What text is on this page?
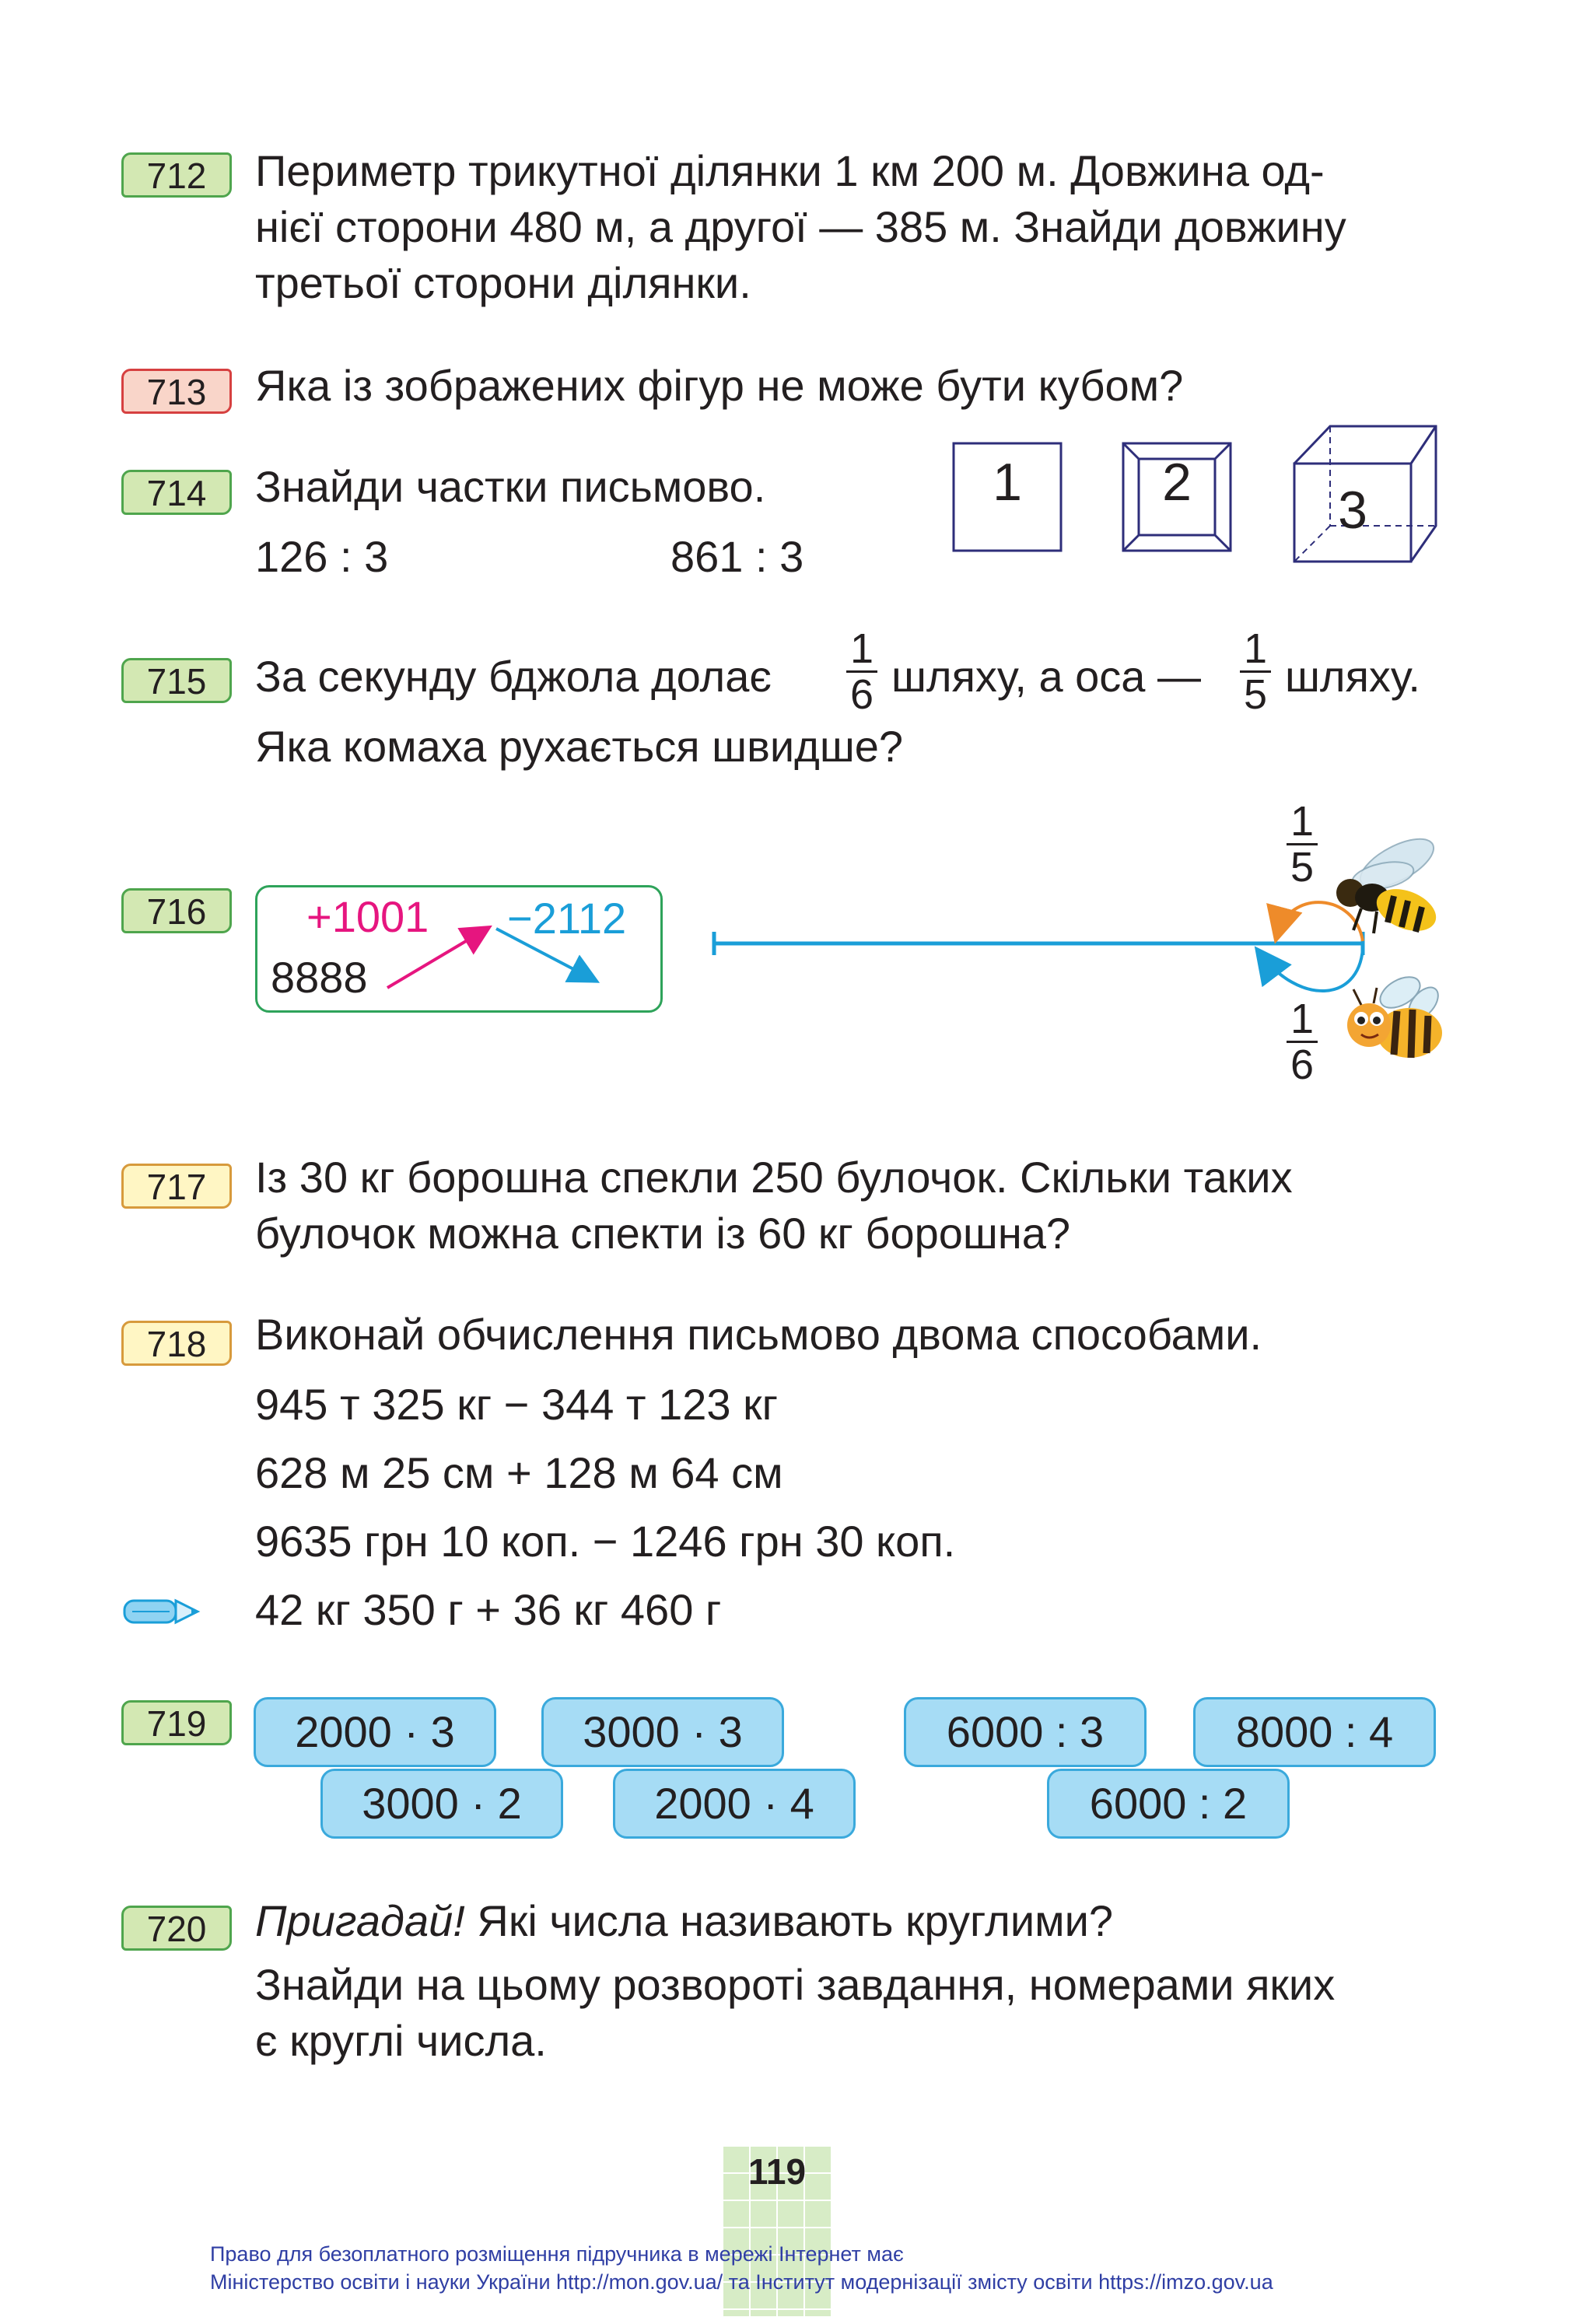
712	Периметр трикутної ділянки 1 км 200 м. Довжина од-
нієї сторони 480 м, а другої — 385 м. Знайди довжину
третьої сторони ділянки.
713	Яка із зображених фігур не може бути кубом?
1	2	3
714	Знайди частки письмово.
126 : 3	861 : 3
715	За секунду бджола долає
1
6 шляху, а оса —
1
5 шляху.
Яка комаха рухається швидше?
716	+1001 −2112
8888
1
5
1
6
717	Із 30 кг борошна спекли 250 булочок. Скільки таких
булочок можна спекти із 60 кг борошна?
718	Виконай обчислення письмово двома способами.
945 т 325 кг − 344 т 123 кг
628 м 25 см + 128 м 64 см
9635 грн 10 коп. − 1246 грн 30 коп.
42 кг 350 г + 36 кг 460 г
719	2000 · 3	3000 · 3	6000 : 3	8000 : 4
3000 · 2	2000 · 4	6000 : 2
720	Пригадай! Які числа називають круглими?
Знайди на цьому розвороті завдання, номерами яких
є круглі числа.
119
Право для безоплатного розміщення підручника в мережі Інтернет має
Міністерство освіти і науки України http://mon.gov.ua/ та Інститут модернізації змісту освіти https://imzo.gov.ua
